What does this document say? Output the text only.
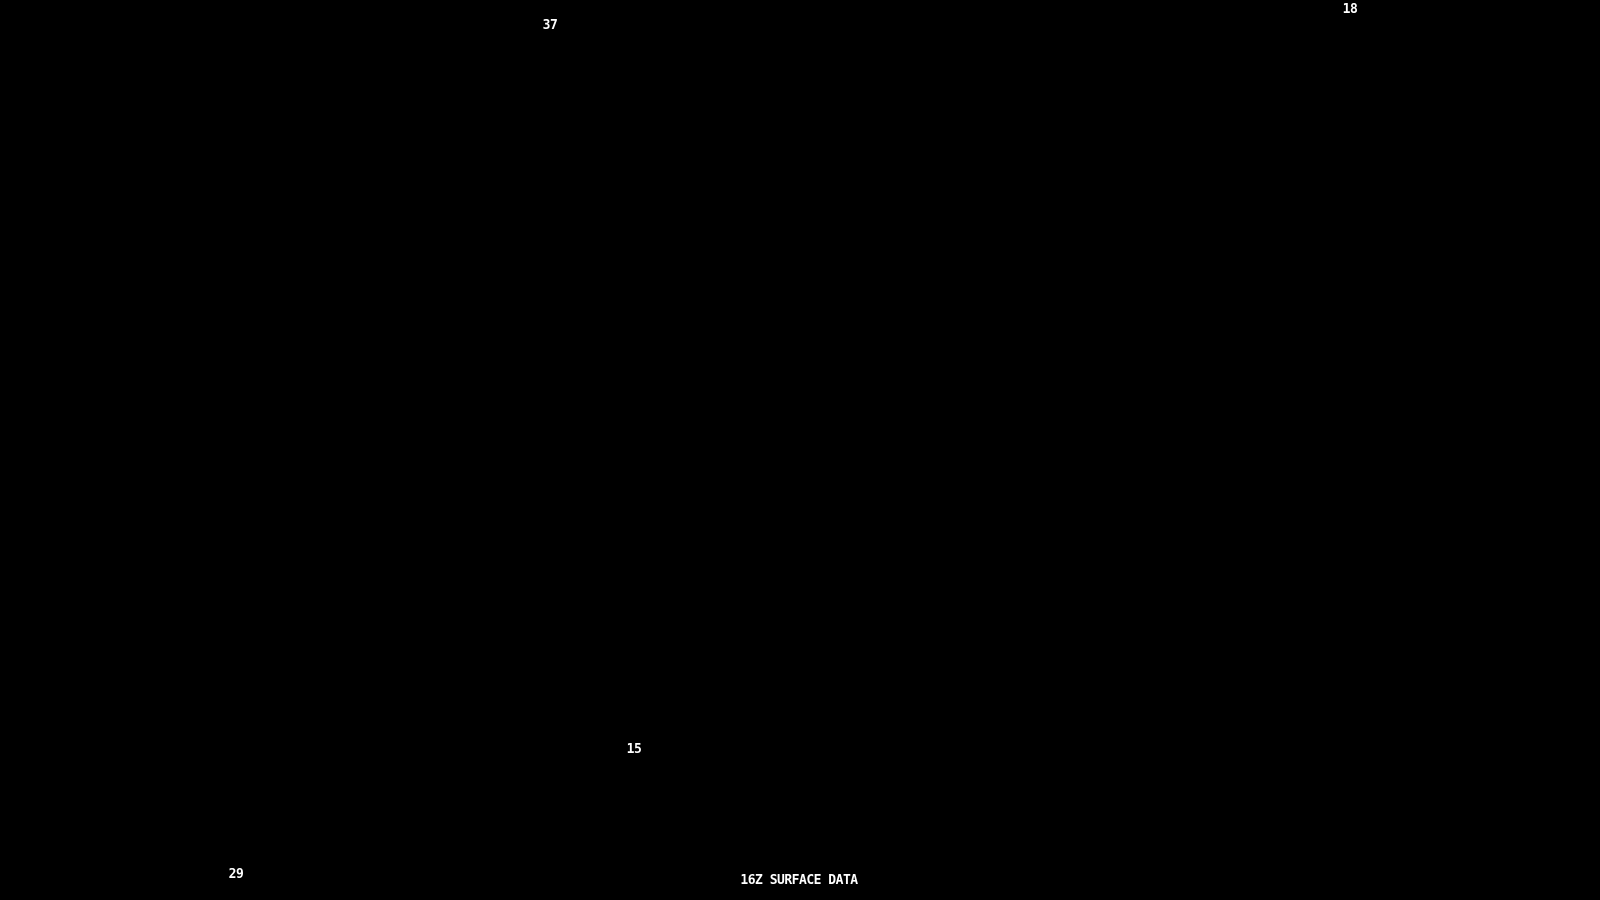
37
18
15
29	16Z SURFACE DATA
